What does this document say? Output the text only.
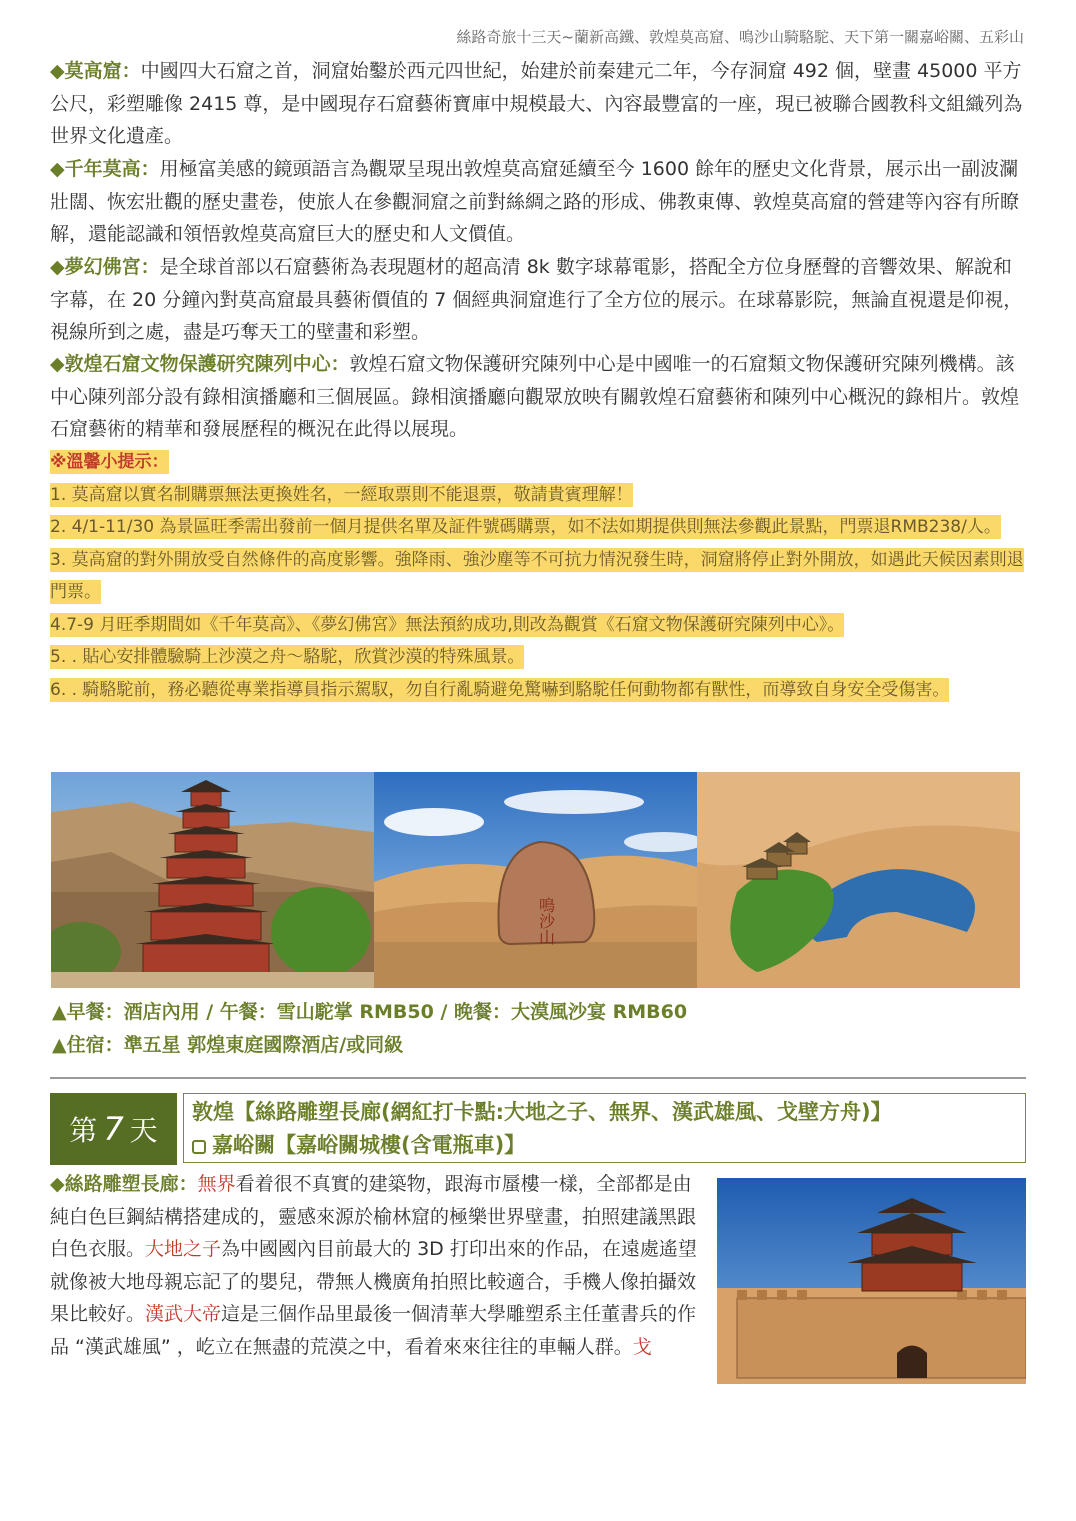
絲路奇旅十三天~蘭新高鐵、敦煌莫高窟、鳴沙山騎駱駝、天下第一關嘉峪關、五彩山
◆莫高窟：中國四大石窟之首，洞窟始鑿於西元四世紀，始建於前秦建元二年，今存洞窟 492 個，壁畫 45000 平方公尺，彩塑雕像 2415 尊，是中國現存石窟藝術寶庫中規模最大、內容最豐富的一座，現已被聯合國教科文組織列為世界文化遺產。
◆千年莫高：用極富美感的鏡頭語言為觀眾呈現出敦煌莫高窟延續至今 1600 餘年的歷史文化背景，展示出一副波瀾壯闊、恢宏壯觀的歷史畫卷，使旅人在參觀洞窟之前對絲綢之路的形成、佛教東傳、敦煌莫高窟的營建等內容有所瞭解，還能認識和領悟敦煌莫高窟巨大的歷史和人文價值。
◆夢幻佛宮：是全球首部以石窟藝術為表現題材的超高清 8k 數字球幕電影，搭配全方位身歷聲的音響效果、解說和字幕，在 20 分鐘內對莫高窟最具藝術價值的 7 個經典洞窟進行了全方位的展示。在球幕影院，無論直視還是仰視，視線所到之處，盡是巧奪天工的壁畫和彩塑。
◆敦煌石窟文物保護研究陳列中心：敦煌石窟文物保護研究陳列中心是中國唯一的石窟類文物保護研究陳列機構。該中心陳列部分設有錄相演播廳和三個展區。錄相演播廳向觀眾放映有關敦煌石窟藝術和陳列中心概況的錄相片。敦煌石窟藝術的精華和發展歷程的概況在此得以展現。
※溫馨小提示：
1. 莫高窟以實名制購票無法更換姓名，一經取票則不能退票，敬請貴賓理解！
2. 4/1-11/30 為景區旺季需出發前一個月提供名單及証件號碼購票，如不法如期提供則無法參觀此景點，門票退RMB238/人。
3. 莫高窟的對外開放受自然條件的高度影響。強降雨、強沙塵等不可抗力情況發生時，洞窟將停止對外開放，如遇此天候因素則退門票。
4.7-9 月旺季期間如《千年莫高》、《夢幻佛宮》無法預約成功,則改為觀賞《石窟文物保護研究陳列中心》。
5. . 貼心安排體驗騎上沙漠之舟～駱駝，欣賞沙漠的特殊風景。
6. . 騎駱駝前，務必聽從專業指導員指示駕馭，勿自行亂騎避免驚嚇到駱駝任何動物都有獸性，而導致自身安全受傷害。
鳴沙山
▲早餐：酒店內用 / 午餐：雪山駝掌 RMB50 / 晚餐：大漠風沙宴 RMB60
▲住宿：準五星 郭煌東庭國際酒店/或同級
第 7 天
敦煌【絲路雕塑長廊(網紅打卡點:大地之子、無界、漢武雄風、戈壁方舟)】
嘉峪關【嘉峪關城樓(含電瓶車)】
◆絲路雕塑長廊：無界看着很不真實的建築物，跟海市蜃樓一樣，全部都是由純白色巨鋼結構搭建成的，靈感來源於榆林窟的極樂世界壁畫，拍照建議黑跟白色衣服。大地之子為中國國內目前最大的 3D 打印出來的作品，在遠處遙望就像被大地母親忘記了的嬰兒，帶無人機廣角拍照比較適合，手機人像拍攝效果比較好。漢武大帝這是三個作品里最後一個清華大學雕塑系主任董書兵的作品 “漢武雄風” ，屹立在無盡的荒漠之中，看着來來往往的車輛人群。戈
